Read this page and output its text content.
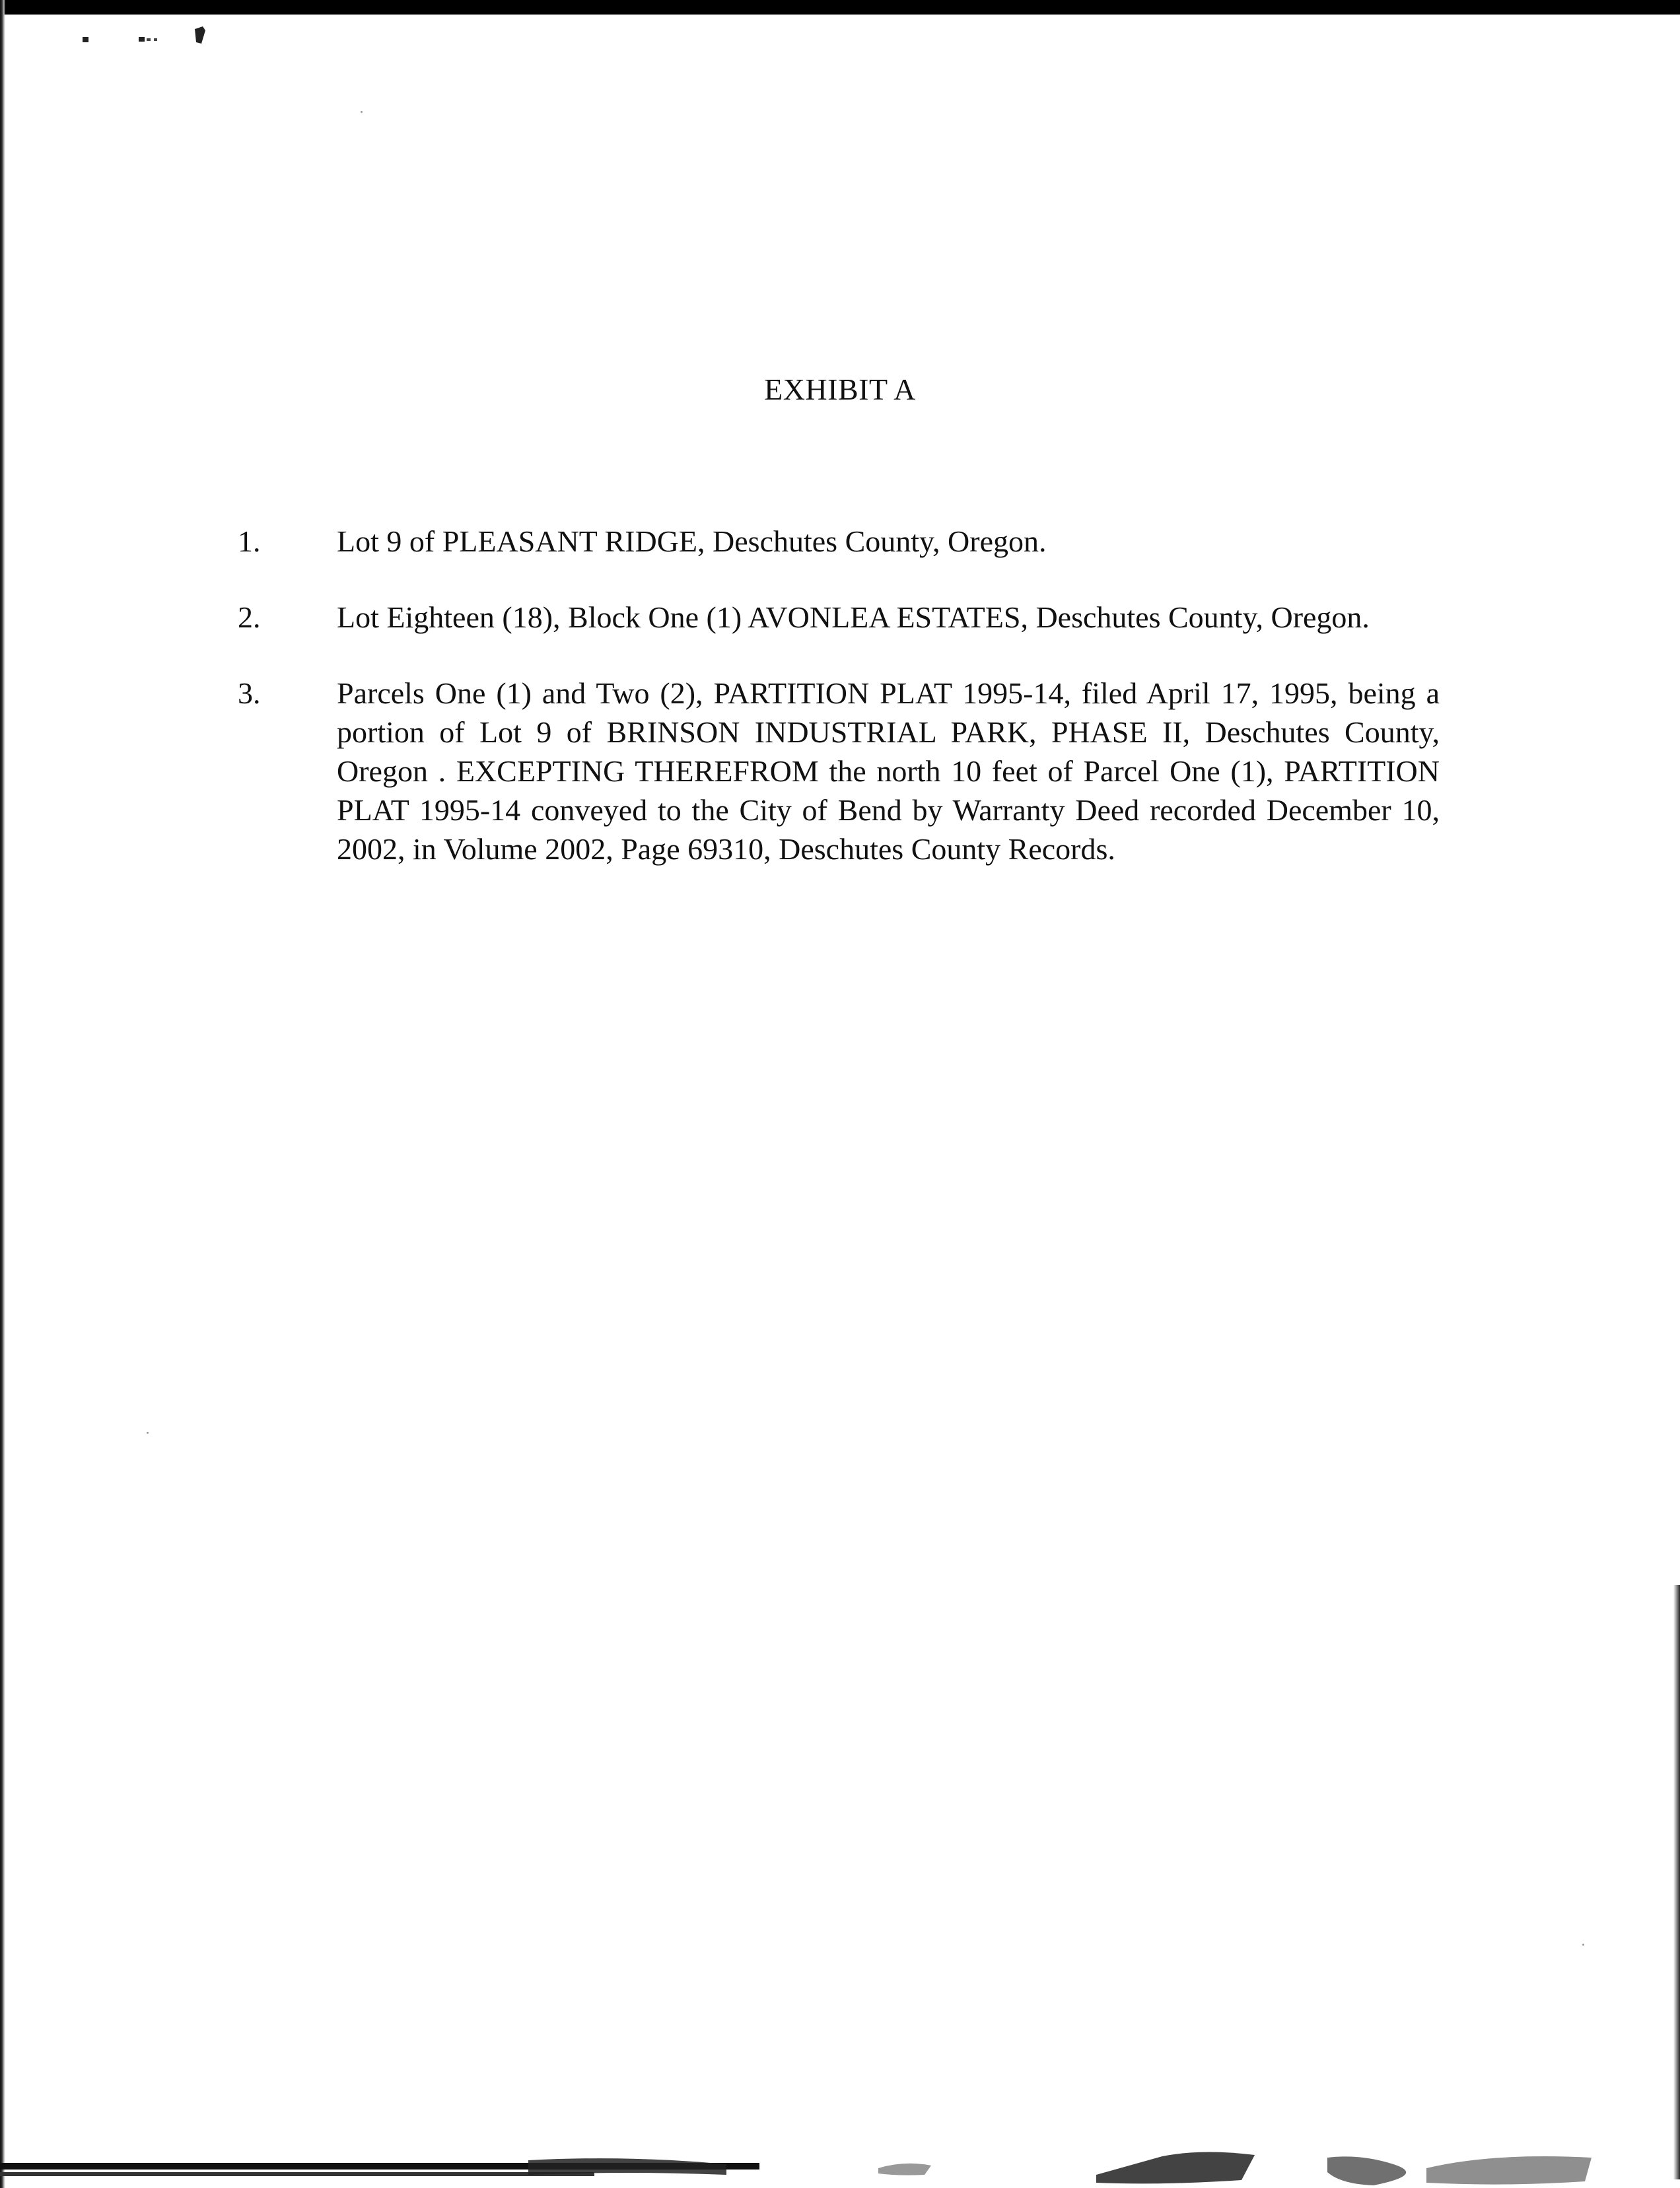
EXHIBIT A
1.	Lot 9 of PLEASANT RIDGE, Deschutes County, Oregon.
2.	Lot Eighteen (18), Block One (1) AVONLEA ESTATES, Deschutes County, Oregon.
3.	Parcels One (1) and Two (2), PARTITION PLAT 1995-14, filed April 17, 1995, being a portion of Lot 9 of BRINSON INDUSTRIAL PARK, PHASE II, Deschutes County, Oregon . EXCEPTING THEREFROM the north 10 feet of Parcel One (1), PARTITION PLAT 1995-14 conveyed to the City of Bend by Warranty Deed recorded December 10, 2002, in Volume 2002, Page 69310, Deschutes County Records.
